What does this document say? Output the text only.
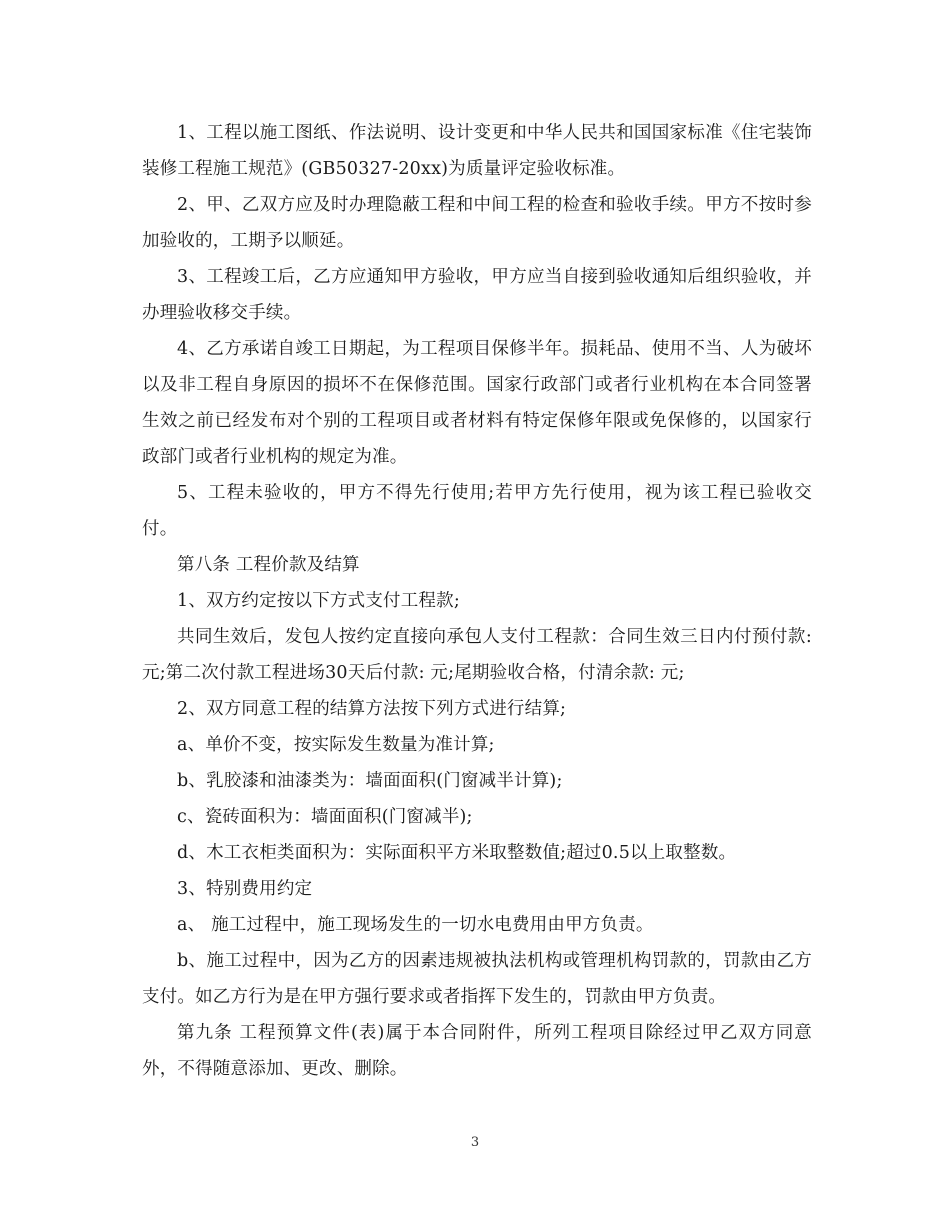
1、工程以施工图纸、作法说明、设计变更和中华人民共和国国家标准《住宅装饰装修工程施工规范》(GB50327-20xx)为质量评定验收标准。

2、甲、乙双方应及时办理隐蔽工程和中间工程的检查和验收手续。甲方不按时参加验收的，工期予以顺延。

3、工程竣工后，乙方应通知甲方验收，甲方应当自接到验收通知后组织验收，并办理验收移交手续。

4、乙方承诺自竣工日期起，为工程项目保修半年。损耗品、使用不当、人为破坏以及非工程自身原因的损坏不在保修范围。国家行政部门或者行业机构在本合同签署生效之前已经发布对个别的工程项目或者材料有特定保修年限或免保修的，以国家行政部门或者行业机构的规定为准。

5、工程未验收的，甲方不得先行使用;若甲方先行使用，视为该工程已验收交付。

第八条 工程价款及结算

1、双方约定按以下方式支付工程款;

共同生效后，发包人按约定直接向承包人支付工程款：合同生效三日内付预付款: 元;第二次付款工程进场30天后付款: 元;尾期验收合格，付清余款: 元;

2、双方同意工程的结算方法按下列方式进行结算;

a、单价不变，按实际发生数量为准计算;

b、乳胶漆和油漆类为：墙面面积(门窗减半计算);

c、瓷砖面积为：墙面面积(门窗减半);

d、木工衣柜类面积为：实际面积平方米取整数值;超过0.5以上取整数。

3、特别费用约定

a、 施工过程中，施工现场发生的一切水电费用由甲方负责。

b、施工过程中，因为乙方的因素违规被执法机构或管理机构罚款的，罚款由乙方支付。如乙方行为是在甲方强行要求或者指挥下发生的，罚款由甲方负责。

第九条 工程预算文件(表)属于本合同附件，所列工程项目除经过甲乙双方同意外，不得随意添加、更改、删除。

3
